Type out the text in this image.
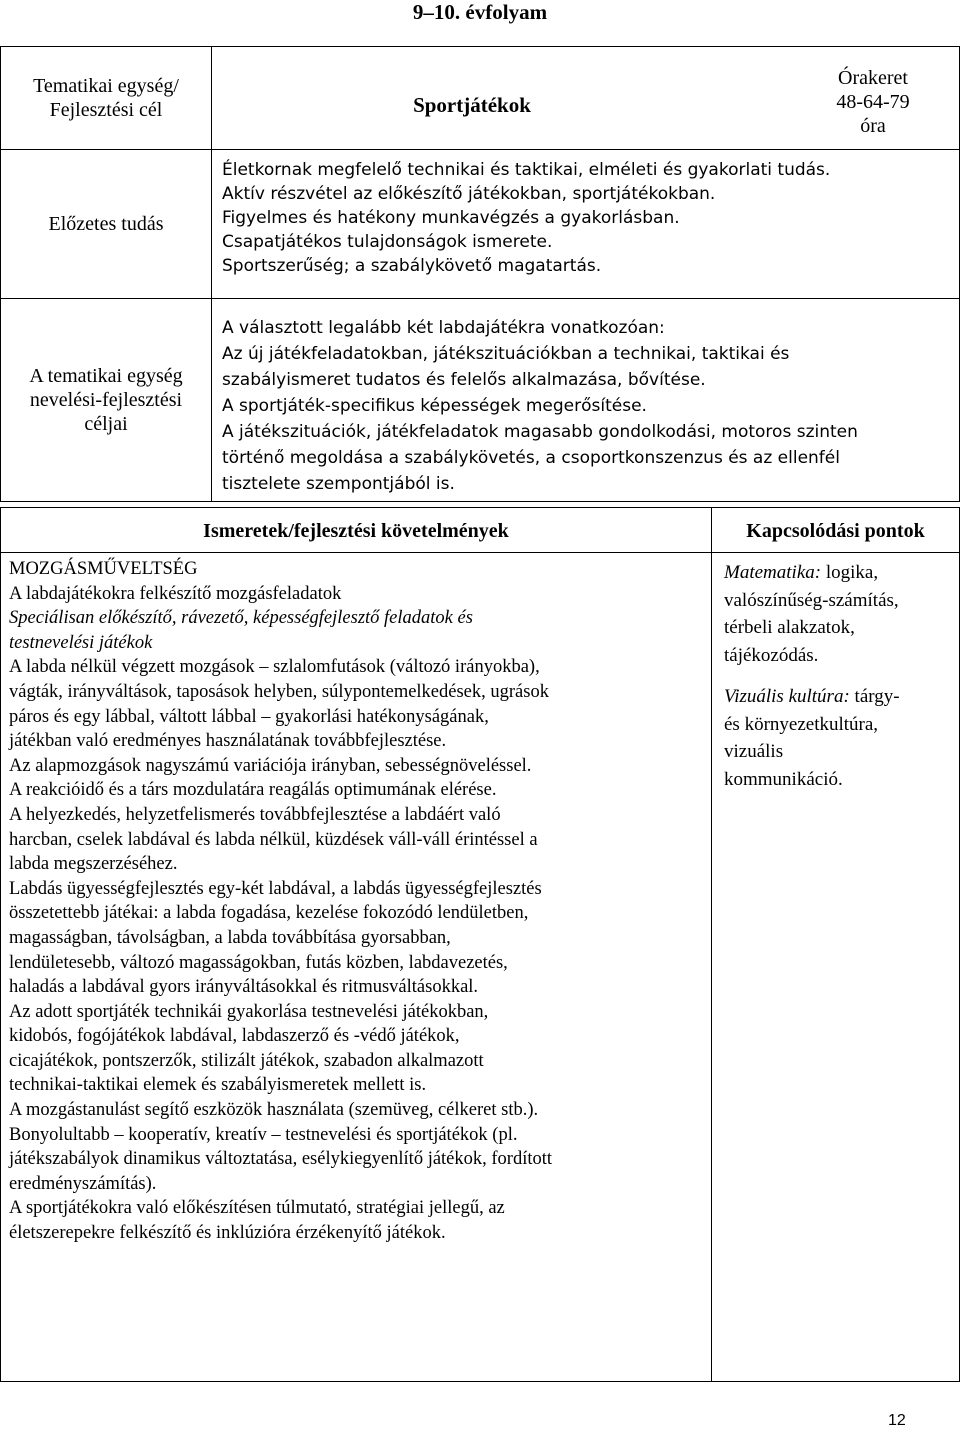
9–10. évfolyam
Tematikai egység/
Fejlesztési cél	Sportjátékok
Órakeret
48-64-79
óra
Előzetes tudás
Életkornak megfelelő technikai és taktikai, elméleti és gyakorlati tudás.
Aktív részvétel az előkészítő játékokban, sportjátékokban.
Figyelmes és hatékony munkavégzés a gyakorlásban.
Csapatjátékos tulajdonságok ismerete.
Sportszerűség; a szabálykövető magatartás.
A tematikai egység
nevelési-fejlesztési
céljai
A választott legalább két labdajátékra vonatkozóan:
Az új játékfeladatokban, játékszituációkban a technikai, taktikai és
szabályismeret tudatos és felelős alkalmazása, bővítése.
A sportjáték-specifikus képességek megerősítése.
A játékszituációk, játékfeladatok magasabb gondolkodási, motoros szinten
történő megoldása a szabálykövetés, a csoportkonszenzus és az ellenfél
tisztelete szempontjából is.
Ismeretek/fejlesztési követelmények	Kapcsolódási pontok
MOZGÁSMŰVELTSÉG
A labdajátékokra felkészítő mozgásfeladatok
Speciálisan előkészítő, rávezető, képességfejlesztő feladatok és
testnevelési játékok
A labda nélkül végzett mozgások – szlalomfutások (változó irányokba),
vágták, irányváltások, taposások helyben, súlypontemelkedések, ugrások
páros és egy lábbal, váltott lábbal – gyakorlási hatékonyságának,
játékban való eredményes használatának továbbfejlesztése.
Az alapmozgások nagyszámú variációja irányban, sebességnöveléssel.
A reakcióidő és a társ mozdulatára reagálás optimumának elérése.
A helyezkedés, helyzetfelismerés továbbfejlesztése a labdáért való
harcban, cselek labdával és labda nélkül, küzdések váll-váll érintéssel a
labda megszerzéséhez.
Labdás ügyességfejlesztés egy-két labdával, a labdás ügyességfejlesztés
összetettebb játékai: a labda fogadása, kezelése fokozódó lendületben,
magasságban, távolságban, a labda továbbítása gyorsabban,
lendületesebb, változó magasságokban, futás közben, labdavezetés,
haladás a labdával gyors irányváltásokkal és ritmusváltásokkal.
Az adott sportjáték technikái gyakorlása testnevelési játékokban,
kidobós, fogójátékok labdával, labdaszerző és -védő játékok,
cicajátékok, pontszerzők, stilizált játékok, szabadon alkalmazott
technikai-taktikai elemek és szabályismeretek mellett is.
A mozgástanulást segítő eszközök használata (szemüveg, célkeret stb.).
Bonyolultabb – kooperatív, kreatív – testnevelési és sportjátékok (pl.
játékszabályok dinamikus változtatása, esélykiegyenlítő játékok, fordított
eredményszámítás).
A sportjátékokra való előkészítésen túlmutató, stratégiai jellegű, az
életszerepekre felkészítő és inklúzióra érzékenyítő játékok.
Matematika: logika,
valószínűség-számítás,
térbeli alakzatok,
tájékozódás.
Vizuális kultúra: tárgy-
és környezetkultúra,
vizuális
kommunikáció.
12
